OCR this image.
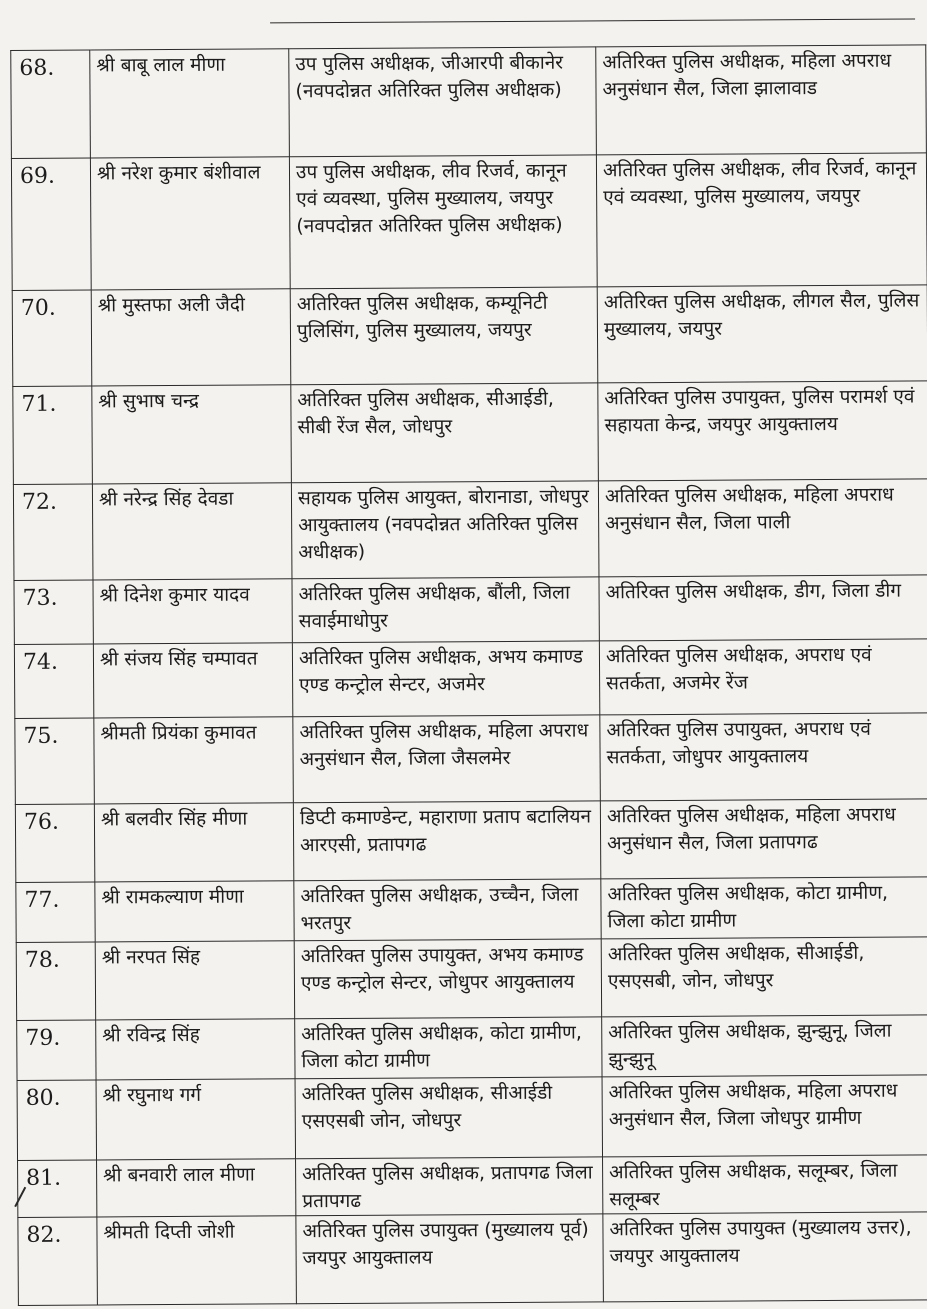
68.	श्री बाबू लाल मीणा	उप पुलिस अधीक्षक, जीआरपी बीकानेर (नवपदोन्नत अतिरिक्त पुलिस अधीक्षक)	अतिरिक्त पुलिस अधीक्षक, महिला अपराध अनुसंधान सैल, जिला झालावाड
69.	श्री नरेश कुमार बंशीवाल	उप पुलिस अधीक्षक, लीव रिजर्व, कानून एवं व्यवस्था, पुलिस मुख्यालय, जयपुर (नवपदोन्नत अतिरिक्त पुलिस अधीक्षक)	अतिरिक्त पुलिस अधीक्षक, लीव रिजर्व, कानून एवं व्यवस्था, पुलिस मुख्यालय, जयपुर
70.	श्री मुस्तफा अली जैदी	अतिरिक्त पुलिस अधीक्षक, कम्यूनिटी पुलिसिंग, पुलिस मुख्यालय, जयपुर	अतिरिक्त पुलिस अधीक्षक, लीगल सैल, पुलिस मुख्यालय, जयपुर
71.	श्री सुभाष चन्द्र	अतिरिक्त पुलिस अधीक्षक, सीआईडी, सीबी रेंज सैल, जोधपुर	अतिरिक्त पुलिस उपायुक्त, पुलिस परामर्श एवं सहायता केन्द्र, जयपुर आयुक्तालय
72.	श्री नरेन्द्र सिंह देवडा	सहायक पुलिस आयुक्त, बोरानाडा, जोधपुर आयुक्तालय (नवपदोन्नत अतिरिक्त पुलिस अधीक्षक)	अतिरिक्त पुलिस अधीक्षक, महिला अपराध अनुसंधान सैल, जिला पाली
73.	श्री दिनेश कुमार यादव	अतिरिक्त पुलिस अधीक्षक, बौंली, जिला सवाईमाधोपुर	अतिरिक्त पुलिस अधीक्षक, डीग, जिला डीग
74.	श्री संजय सिंह चम्पावत	अतिरिक्त पुलिस अधीक्षक, अभय कमाण्ड एण्ड कन्ट्रोल सेन्टर, अजमेर	अतिरिक्त पुलिस अधीक्षक, अपराध एवं सतर्कता, अजमेर रेंज
75.	श्रीमती प्रियंका कुमावत	अतिरिक्त पुलिस अधीक्षक, महिला अपराध अनुसंधान सैल, जिला जैसलमेर	अतिरिक्त पुलिस उपायुक्त, अपराध एवं सतर्कता, जोधुपर आयुक्तालय
76.	श्री बलवीर सिंह मीणा	डिप्टी कमाण्डेन्ट, महाराणा प्रताप बटालियन आरएसी, प्रतापगढ	अतिरिक्त पुलिस अधीक्षक, महिला अपराध अनुसंधान सैल, जिला प्रतापगढ
77.	श्री रामकल्याण मीणा	अतिरिक्त पुलिस अधीक्षक, उच्चैन, जिला भरतपुर	अतिरिक्त पुलिस अधीक्षक, कोटा ग्रामीण, जिला कोटा ग्रामीण
78.	श्री नरपत सिंह	अतिरिक्त पुलिस उपायुक्त, अभय कमाण्ड एण्ड कन्ट्रोल सेन्टर, जोधुपर आयुक्तालय	अतिरिक्त पुलिस अधीक्षक, सीआईडी, एसएसबी, जोन, जोधपुर
79.	श्री रविन्द्र सिंह	अतिरिक्त पुलिस अधीक्षक, कोटा ग्रामीण, जिला कोटा ग्रामीण	अतिरिक्त पुलिस अधीक्षक, झुन्झुनू, जिला झुन्झुनू
80.	श्री रघुनाथ गर्ग	अतिरिक्त पुलिस अधीक्षक, सीआईडी एसएसबी जोन, जोधपुर	अतिरिक्त पुलिस अधीक्षक, महिला अपराध अनुसंधान सैल, जिला जोधपुर ग्रामीण
81.	श्री बनवारी लाल मीणा	अतिरिक्त पुलिस अधीक्षक, प्रतापगढ जिला प्रतापगढ	अतिरिक्त पुलिस अधीक्षक, सलूम्बर, जिला सलूम्बर
82.	श्रीमती दिप्ती जोशी	अतिरिक्त पुलिस उपायुक्त (मुख्यालय पूर्व) जयपुर आयुक्तालय	अतिरिक्त पुलिस उपायुक्त (मुख्यालय उत्तर), जयपुर आयुक्तालय
